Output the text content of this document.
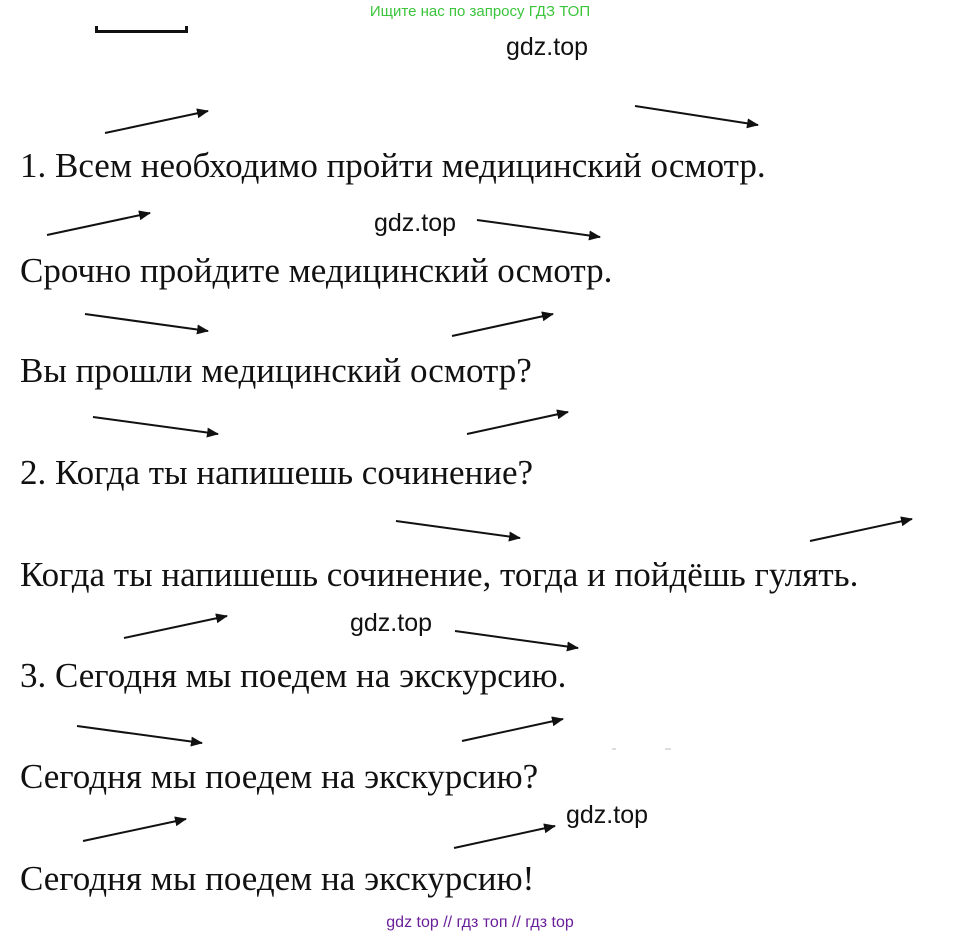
Ищите нас по запросу ГДЗ ТОП
gdz.top
gdz.top
gdz.top
gdz.top
1. Всем необходимо пройти медицинский осмотр.
Срочно пройдите медицинский осмотр.
Вы прошли медицинский осмотр?
2. Когда ты напишешь сочинение?
Когда ты напишешь сочинение, тогда и пойдёшь гулять.
3. Сегодня мы поедем на экскурсию.
Сегодня мы поедем на экскурсию?
Сегодня мы поедем на экскурсию!
gdz top // гдз топ // гдз top
